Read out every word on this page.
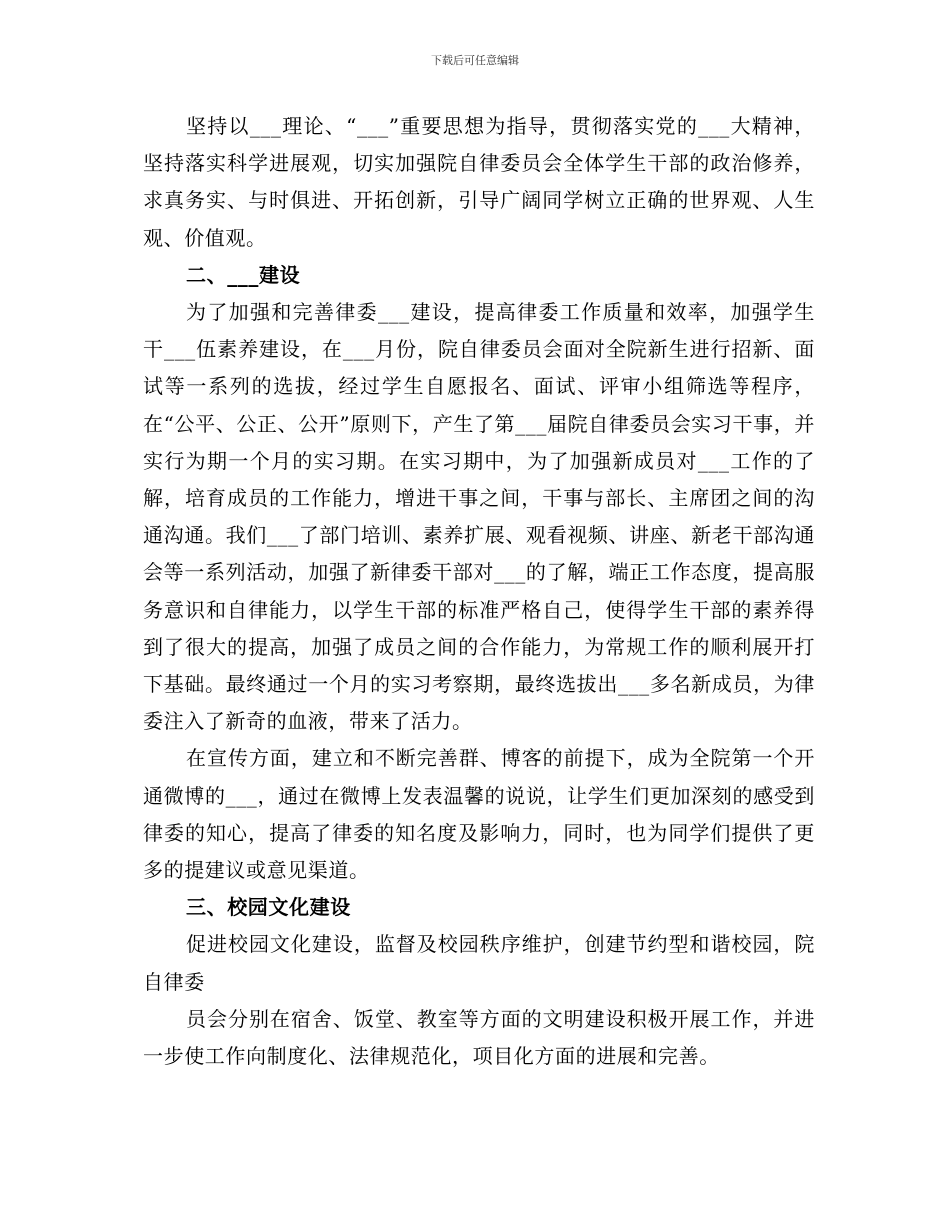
下载后可任意编辑

坚持以___理论、“___”重要思想为指导，贯彻落实党的___大精神，坚持落实科学进展观，切实加强院自律委员会全体学生干部的政治修养，求真务实、与时俱进、开拓创新，引导广阔同学树立正确的世界观、人生观、价值观。

二、___建设

为了加强和完善律委___建设，提高律委工作质量和效率，加强学生干___伍素养建设，在___月份，院自律委员会面对全院新生进行招新、面试等一系列的选拔，经过学生自愿报名、面试、评审小组筛选等程序，在“公平、公正、公开”原则下，产生了第___届院自律委员会实习干事，并实行为期一个月的实习期。在实习期中，为了加强新成员对___工作的了解，培育成员的工作能力，增进干事之间，干事与部长、主席团之间的沟通沟通。我们___了部门培训、素养扩展、观看视频、讲座、新老干部沟通会等一系列活动，加强了新律委干部对___的了解，端正工作态度，提高服务意识和自律能力，以学生干部的标准严格自己，使得学生干部的素养得到了很大的提高，加强了成员之间的合作能力，为常规工作的顺利展开打下基础。最终通过一个月的实习考察期，最终选拔出___多名新成员，为律委注入了新奇的血液，带来了活力。

在宣传方面，建立和不断完善群、博客的前提下，成为全院第一个开通微博的___，通过在微博上发表温馨的说说，让学生们更加深刻的感受到律委的知心，提高了律委的知名度及影响力，同时，也为同学们提供了更多的提建议或意见渠道。

三、校园文化建设

促进校园文化建设，监督及校园秩序维护，创建节约型和谐校园，院自律委

员会分别在宿舍、饭堂、教室等方面的文明建设积极开展工作，并进一步使工作向制度化、法律规范化，项目化方面的进展和完善。
